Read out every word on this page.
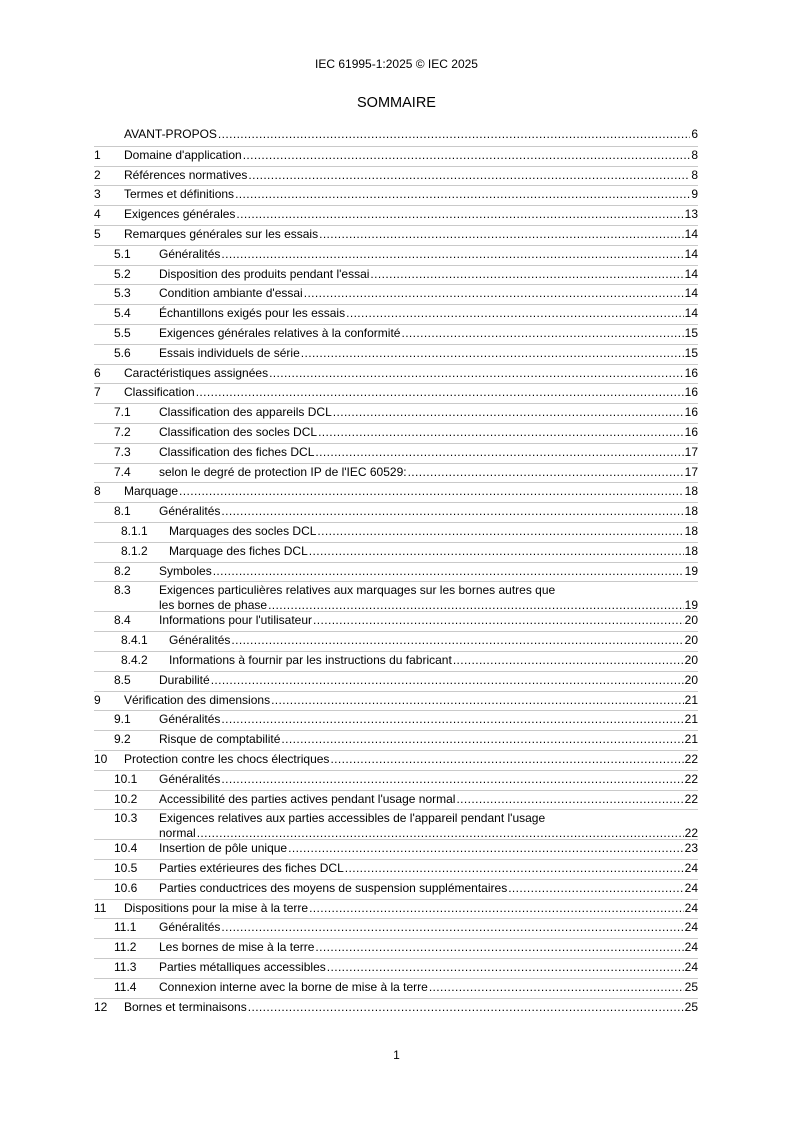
IEC 61995-1:2025 © IEC 2025
SOMMAIRE
AVANT-PROPOS .....	6
1	Domaine d'application .....	8
2	Références normatives .....	8
3	Termes et définitions .....	9
4	Exigences générales .....	13
5	Remarques générales sur les essais .....	14
5.1	Généralités .....	14
5.2	Disposition des produits pendant l'essai .....	14
5.3	Condition ambiante d'essai .....	14
5.4	Échantillons exigés pour les essais .....	14
5.5	Exigences générales relatives à la conformité .....	15
5.6	Essais individuels de série .....	15
6	Caractéristiques assignées .....	16
7	Classification .....	16
7.1	Classification des appareils DCL .....	16
7.2	Classification des socles DCL .....	16
7.3	Classification des fiches DCL .....	17
7.4	selon le degré de protection IP de l'IEC 60529: .....	17
8	Marquage .....	18
8.1	Généralités .....	18
8.1.1	Marquages des socles DCL .....	18
8.1.2	Marquage des fiches DCL .....	18
8.2	Symboles .....	19
8.3	Exigences particulières relatives aux marquages sur les bornes autres que
les bornes de phase .....	19
8.4	Informations pour l'utilisateur .....	20
8.4.1	Généralités .....	20
8.4.2	Informations à fournir par les instructions du fabricant .....	20
8.5	Durabilité .....	20
9	Vérification des dimensions .....	21
9.1	Généralités .....	21
9.2	Risque de comptabilité .....	21
10	Protection contre les chocs électriques .....	22
10.1	Généralités .....	22
10.2	Accessibilité des parties actives pendant l'usage normal .....	22
10.3	Exigences relatives aux parties accessibles de l'appareil pendant l'usage
normal .....	22
10.4	Insertion de pôle unique .....	23
10.5	Parties extérieures des fiches DCL .....	24
10.6	Parties conductrices des moyens de suspension supplémentaires .....	24
11	Dispositions pour la mise à la terre .....	24
11.1	Généralités .....	24
11.2	Les bornes de mise à la terre .....	24
11.3	Parties métalliques accessibles .....	24
11.4	Connexion interne avec la borne de mise à la terre .....	25
12	Bornes et terminaisons .....	25
1
